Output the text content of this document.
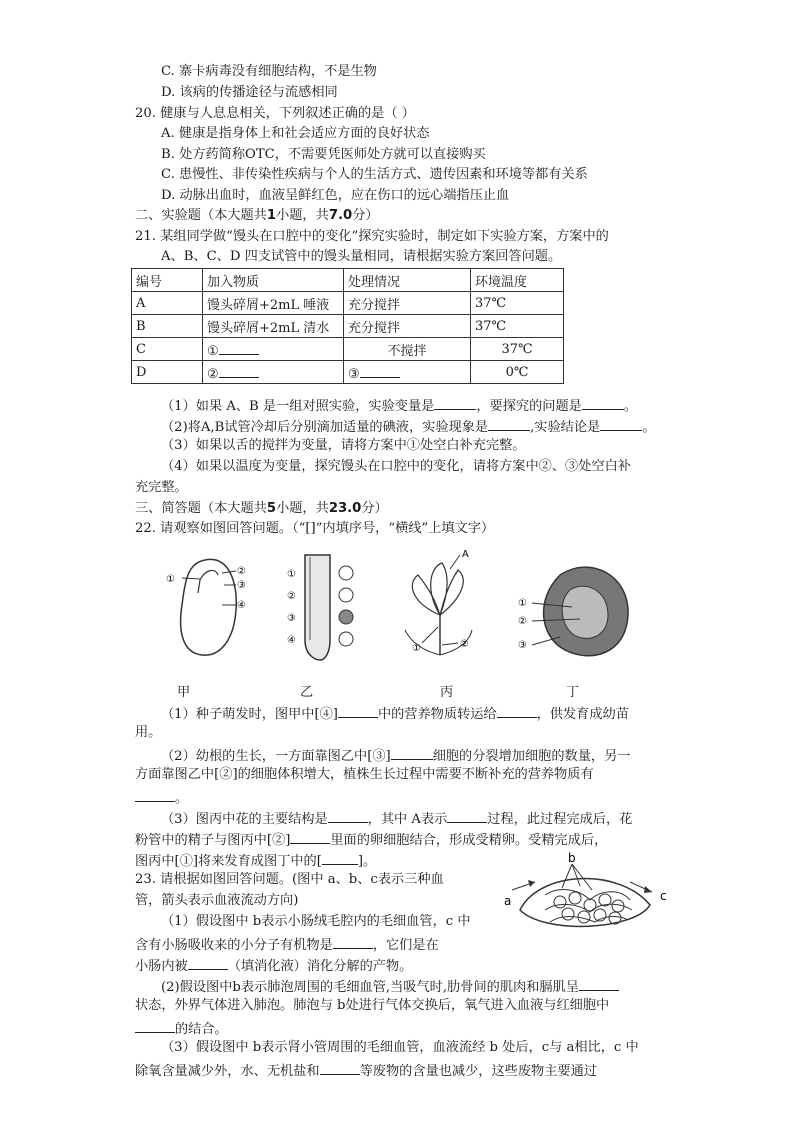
C. 寨卡病毒没有细胞结构，不是生物
D. 该病的传播途径与流感相同
20. 健康与人息息相关，下列叙述正确的是（ ）
A. 健康是指身体上和社会适应方面的良好状态
B. 处方药简称OTC，不需要凭医师处方就可以直接购买
C. 患慢性、非传染性疾病与个人的生活方式、遗传因素和环境等都有关系
D. 动脉出血时，血液呈鲜红色，应在伤口的远心端指压止血
二、实验题（本大题共1小题，共7.0分）
21. 某组同学做“馒头在口腔中的变化”探究实验时，制定如下实验方案，方案中的
A、B、C、D 四支试管中的馒头量相同，请根据实验方案回答问题。
编号	加入物质	处理情况	环境温度
A	馒头碎屑+2mL 唾液	充分搅拌	37℃
B	馒头碎屑+2mL 清水	充分搅拌	37℃
C	①	不搅拌	37℃
D	②	③	0℃
（1）如果 A、B 是一组对照实验，实验变量是	，要探究的问题是	。
（2)将A,B试管冷却后分别滴加适量的碘液，实验现象是	,实验结论是	。
（3）如果以舌的搅拌为变量，请将方案中①处空白补充完整。
（4）如果以温度为变量，探究馒头在口腔中的变化，请将方案中②、③处空白补
充完整。
三、简答题（本大题共5小题，共23.0分）
22. 请观察如图回答问题。（“[]”内填序号，“横线”上填文字）
①
②
③
④
①
②
③
④
A
①	②
①
②
③
甲	乙	丙	丁
（1）种子萌发时，图甲中[④]	中的营养物质转运给	，供发育成幼苗
用。
（2）幼根的生长，一方面靠图乙中[③]	细胞的分裂增加细胞的数量，另一
方面靠图乙中[②]的细胞体积增大，植株生长过程中需要不断补充的营养物质有
。
（3）图丙中花的主要结构是	，其中 A表示	过程，此过程完成后，花
粉管中的精子与图丙中[②]	里面的卵细胞结合，形成受精卵。受精完成后，
图丙中[①]将来发育成图丁中的[	]。
23. 请根据如图回答问题。(图中 a、b、c表示三种血
管，箭头表示血液流动方向)
b
a	c
（1）假设图中 b表示小肠绒毛腔内的毛细血管，c 中
含有小肠吸收来的小分子有机物是	，它们是在
小肠内被	（填消化液）消化分解的产物。
(2)假设图中b表示肺泡周围的毛细血管,当吸气时,肋骨间的肌肉和膈肌呈
状态，外界气体进入肺泡。肺泡与 b处进行气体交换后，氧气进入血液与红细胞中
的结合。
（3）假设图中 b表示肾小管周围的毛细血管，血液流经 b 处后，c与 a相比，c 中
除氧含量减少外，水、无机盐和	等废物的含量也减少，这些废物主要通过
